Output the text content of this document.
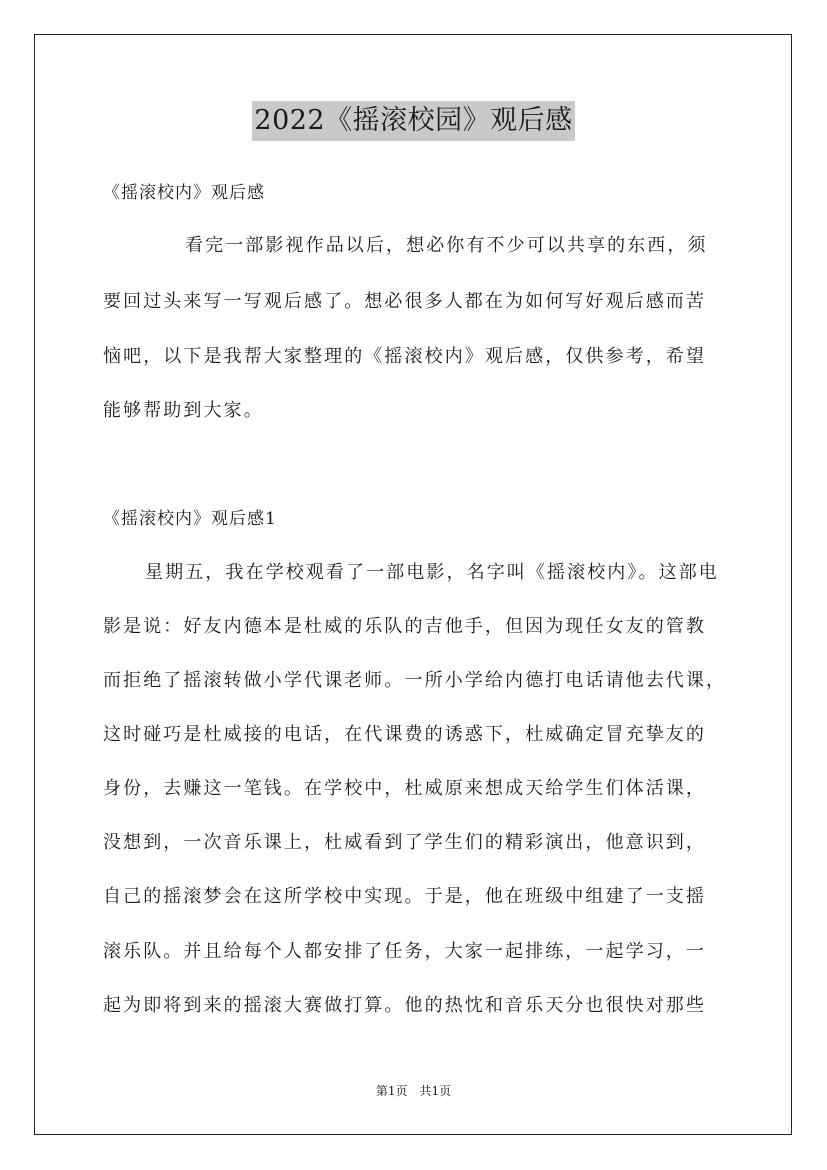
2022《摇滚校园》观后感
《摇滚校内》观后感
看完一部影视作品以后，想必你有不少可以共享的东西，须
要回过头来写一写观后感了。想必很多人都在为如何写好观后感而苦
恼吧，以下是我帮大家整理的《摇滚校内》观后感，仅供参考，希望
能够帮助到大家。
《摇滚校内》观后感1
星期五，我在学校观看了一部电影，名字叫《摇滚校内》。这部电
影是说：好友内德本是杜威的乐队的吉他手，但因为现任女友的管教
而拒绝了摇滚转做小学代课老师。一所小学给内德打电话请他去代课，
这时碰巧是杜威接的电话，在代课费的诱惑下，杜威确定冒充挚友的
身份，去赚这一笔钱。在学校中，杜威原来想成天给学生们体活课，
没想到，一次音乐课上，杜威看到了学生们的精彩演出，他意识到，
自己的摇滚梦会在这所学校中实现。于是，他在班级中组建了一支摇
滚乐队。并且给每个人都安排了任务，大家一起排练，一起学习，一
起为即将到来的摇滚大赛做打算。他的热忱和音乐天分也很快对那些
第1页　共1页
